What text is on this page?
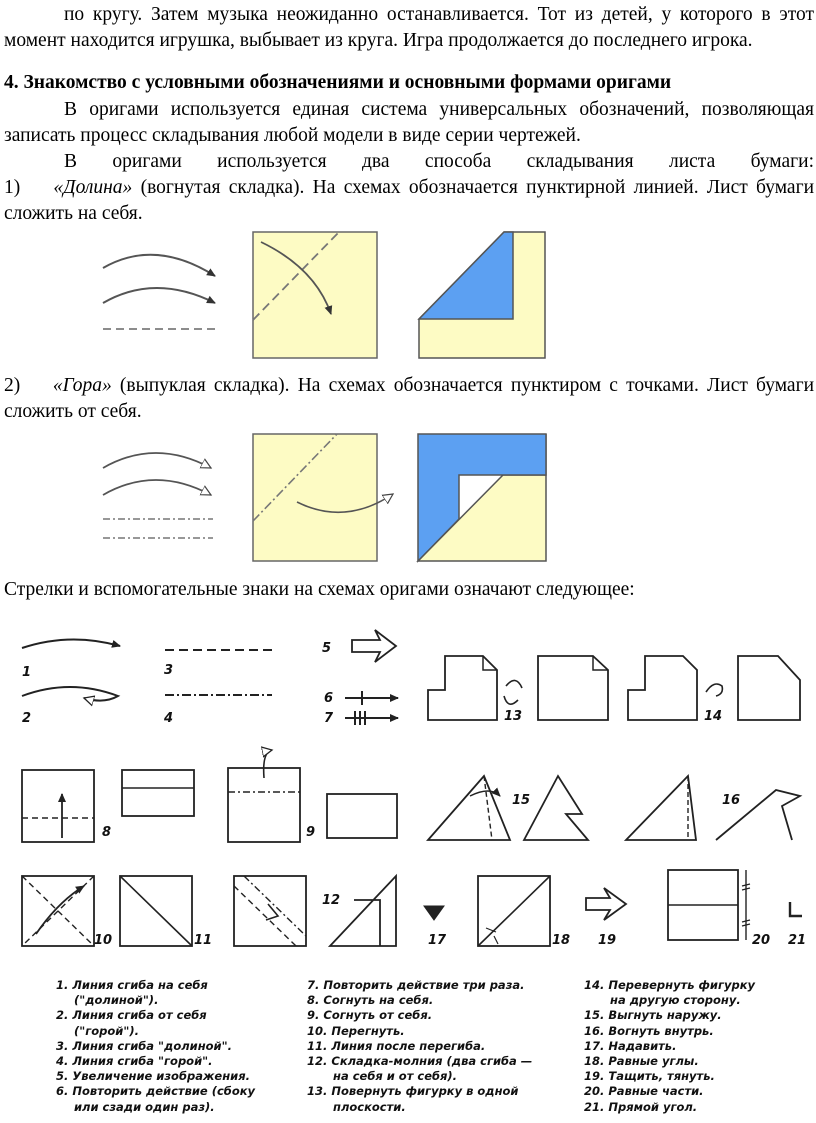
по кругу. Затем музыка неожиданно останавливается. Тот из детей, у которого в этот

момент находится игрушка, выбывает из круга. Игра продолжается до последнего игрока.

4. Знакомство с условными обозначениями и основными формами оригами

В оригами используется единая система универсальных обозначений, позволяющая

записать процесс складывания любой модели в виде серии чертежей.

В оригами используется два способа складывания листа бумаги:

1) «Долина» (вогнутая складка). На схемах обозначается пунктирной линией. Лист бумаги

сложить на себя.

2) «Гора» (выпуклая складка). На схемах обозначается пунктиром с точками. Лист бумаги

сложить от себя.

Стрелки и вспомогательные знаки на схемах оригами означают следующее:

1
2
3
4
5
6
7	13	14
8	9
15	16
10	11
12
17	18 19	20 21
1. Линия сгиба на себя
("долиной").
2. Линия сгиба от себя
("горой").
3. Линия сгиба "долиной".
4. Линия сгиба "горой".
5. Увеличение изображения.
6. Повторить действие (сбоку
или сзади один раз).
7. Повторить действие три раза.
8. Согнуть на себя.
9. Согнуть от себя.
10. Перегнуть.
11. Линия после перегиба.
12. Складка-молния (два сгиба —
на себя и от себя).
13. Повернуть фигурку в одной
плоскости.
14. Перевернуть фигурку
на другую сторону.
15. Выгнуть наружу.
16. Вогнуть внутрь.
17. Надавить.
18. Равные углы.
19. Тащить, тянуть.
20. Равные части.
21. Прямой угол.
